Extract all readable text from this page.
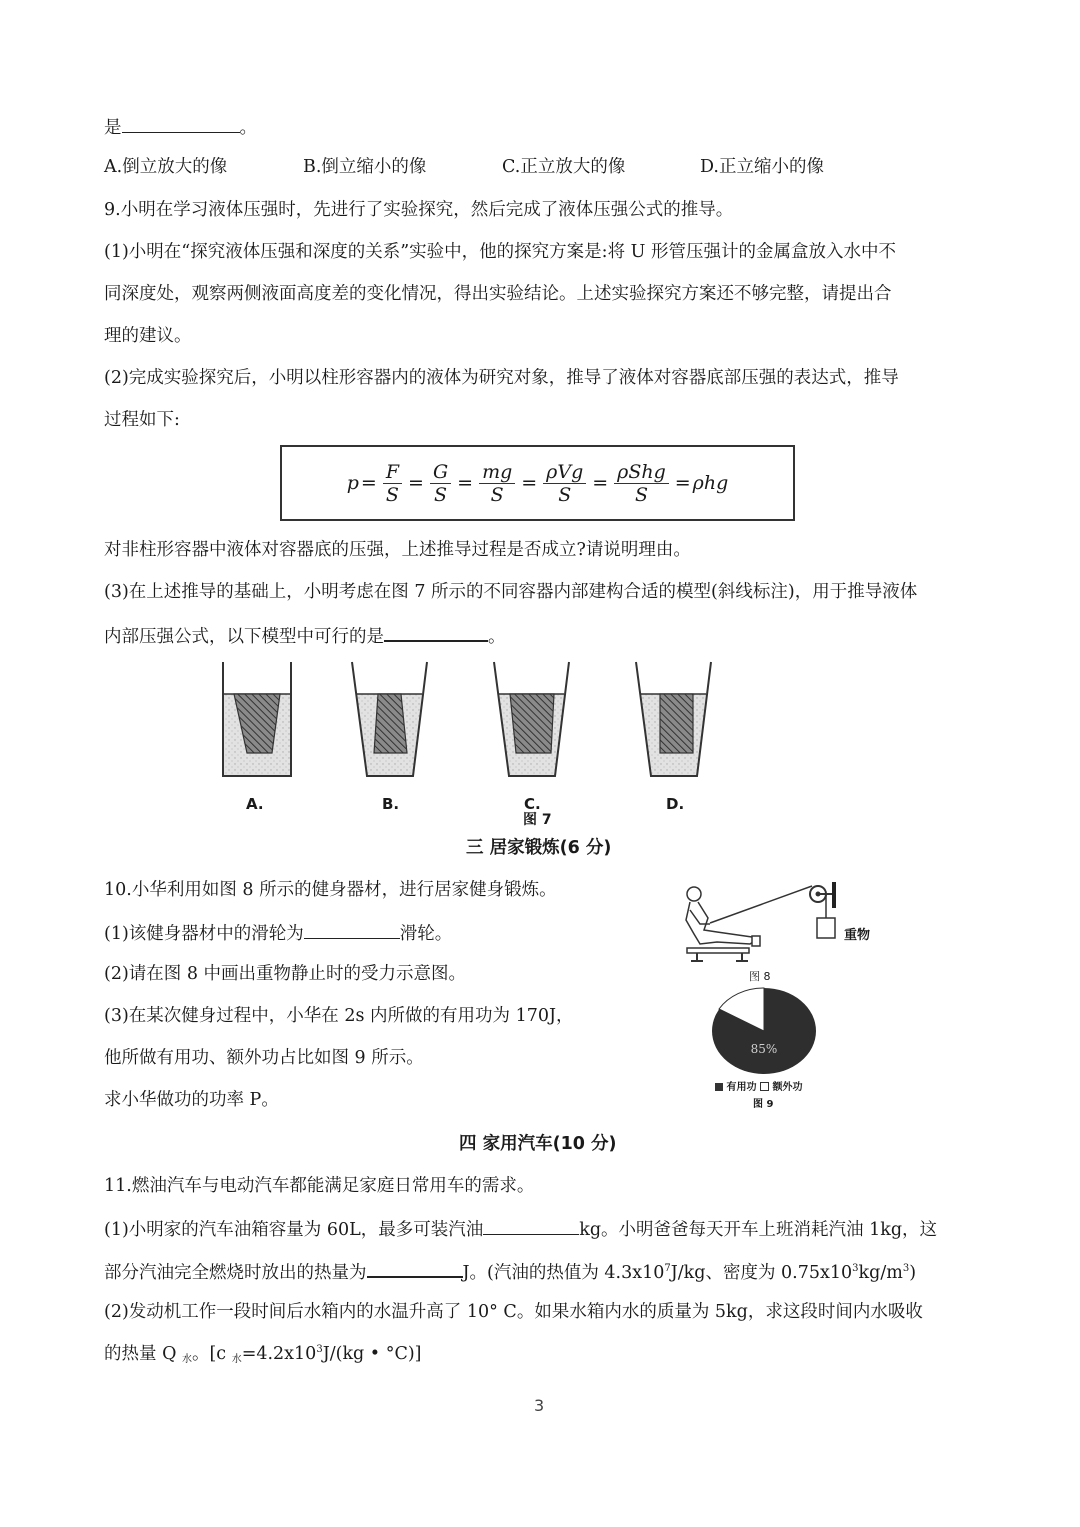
是	。
A.倒立放大的像	B.倒立缩小的像	C.正立放大的像	D.正立缩小的像
9.小明在学习液体压强时，先进行了实验探究，然后完成了液体压强公式的推导。
(1)小明在“探究液体压强和深度的关系”实验中，他的探究方案是:将 U 形管压强计的金属盒放入水中不
同深度处，观察两侧液面高度差的变化情况，得出实验结论。上述实验探究方案还不够完整，请提出合
理的建议。
(2)完成实验探究后，小明以柱形容器内的液体为研究对象，推导了液体对容器底部压强的表达式，推导
过程如下:
$p = \frac{F}{S} = \frac{G}{S} = \frac{mg}{S} = \frac{\text{ρVg}}{S} = \frac{\text{ρShg}}{S} = \rho hg$
对非柱形容器中液体对容器底的压强，上述推导过程是否成立?请说明理由。
(3)在上述推导的基础上，小明考虑在图 7 所示的不同容器内部建构合适的模型(斜线标注)，用于推导液体
内部压强公式，以下模型中可行的是	。
A.	B.	C.	D.
图 7
三 居家锻炼(6 分)
10.小华利用如图 8 所示的健身器材，进行居家健身锻炼。
(1)该健身器材中的滑轮为	滑轮。
(2)请在图 8 中画出重物静止时的受力示意图。
(3)在某次健身过程中，小华在 2s 内所做的有用功为 170J，
他所做有用功、额外功占比如图 9 所示。
求小华做功的功率 P。
重物
图 8
85%
有用功 额外功
图 9
四 家用汽车(10 分)
11.燃油汽车与电动汽车都能满足家庭日常用车的需求。
(1)小明家的汽车油箱容量为 60L，最多可装汽油	kg。小明爸爸每天开车上班消耗汽油 1kg，这
部分汽油完全燃烧时放出的热量为	J。(汽油的热值为 $4.3x10^7J/kg$、密度为 $0.75x10^3kg/m^3$)
(2)发动机工作一段时间后水箱内的水温升高了 10° C。如果水箱内水的质量为 5kg，求这段时间内水吸收
的热量 Q $_水$。[c $_水=4.2x10^3J/(kg$ • °C)]
3
